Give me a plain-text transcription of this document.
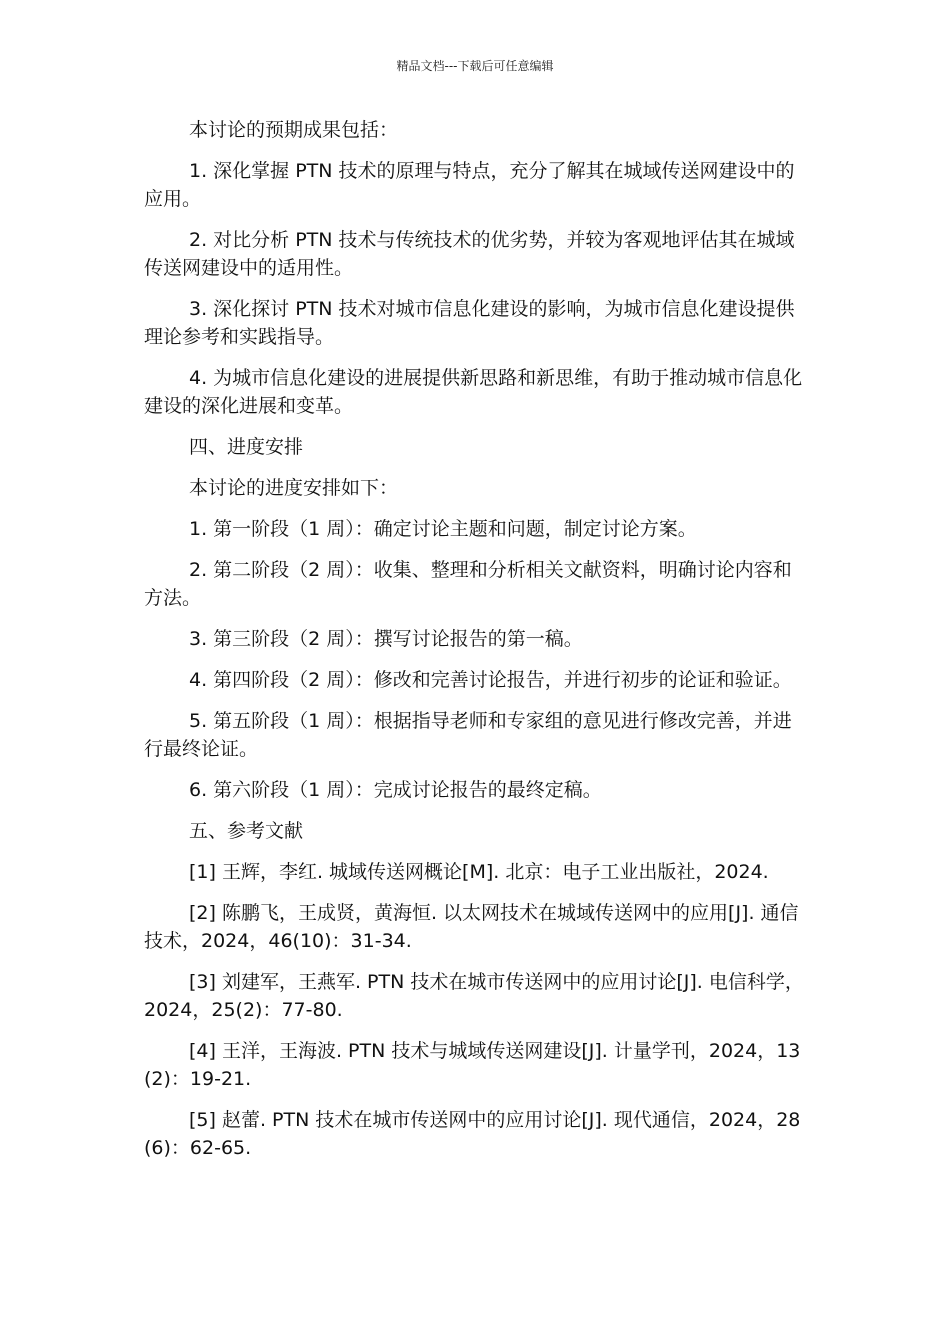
精品文档---下载后可任意编辑

本讨论的预期成果包括：

1. 深化掌握 PTN 技术的原理与特点，充分了解其在城域传送网建设中的应用。

2. 对比分析 PTN 技术与传统技术的优劣势，并较为客观地评估其在城域传送网建设中的适用性。

3. 深化探讨 PTN 技术对城市信息化建设的影响，为城市信息化建设提供理论参考和实践指导。

4. 为城市信息化建设的进展提供新思路和新思维，有助于推动城市信息化建设的深化进展和变革。

四、进度安排

本讨论的进度安排如下：

1. 第一阶段（1 周）：确定讨论主题和问题，制定讨论方案。

2. 第二阶段（2 周）：收集、整理和分析相关文献资料，明确讨论内容和方法。

3. 第三阶段（2 周）：撰写讨论报告的第一稿。

4. 第四阶段（2 周）：修改和完善讨论报告，并进行初步的论证和验证。

5. 第五阶段（1 周）：根据指导老师和专家组的意见进行修改完善，并进行最终论证。

6. 第六阶段（1 周）：完成讨论报告的最终定稿。

五、参考文献

[1] 王辉，李红. 城域传送网概论[M]. 北京：电子工业出版社，2024.

[2] 陈鹏飞，王成贤，黄海恒. 以太网技术在城域传送网中的应用[J]. 通信技术，2024，46(10)：31-34.

[3] 刘建军，王燕军. PTN 技术在城市传送网中的应用讨论[J]. 电信科学，2024，25(2)：77-80.

[4] 王洋，王海波. PTN 技术与城域传送网建设[J]. 计量学刊，2024，13(2)：19-21.

[5] 赵蕾. PTN 技术在城市传送网中的应用讨论[J]. 现代通信，2024，28(6)：62-65.
